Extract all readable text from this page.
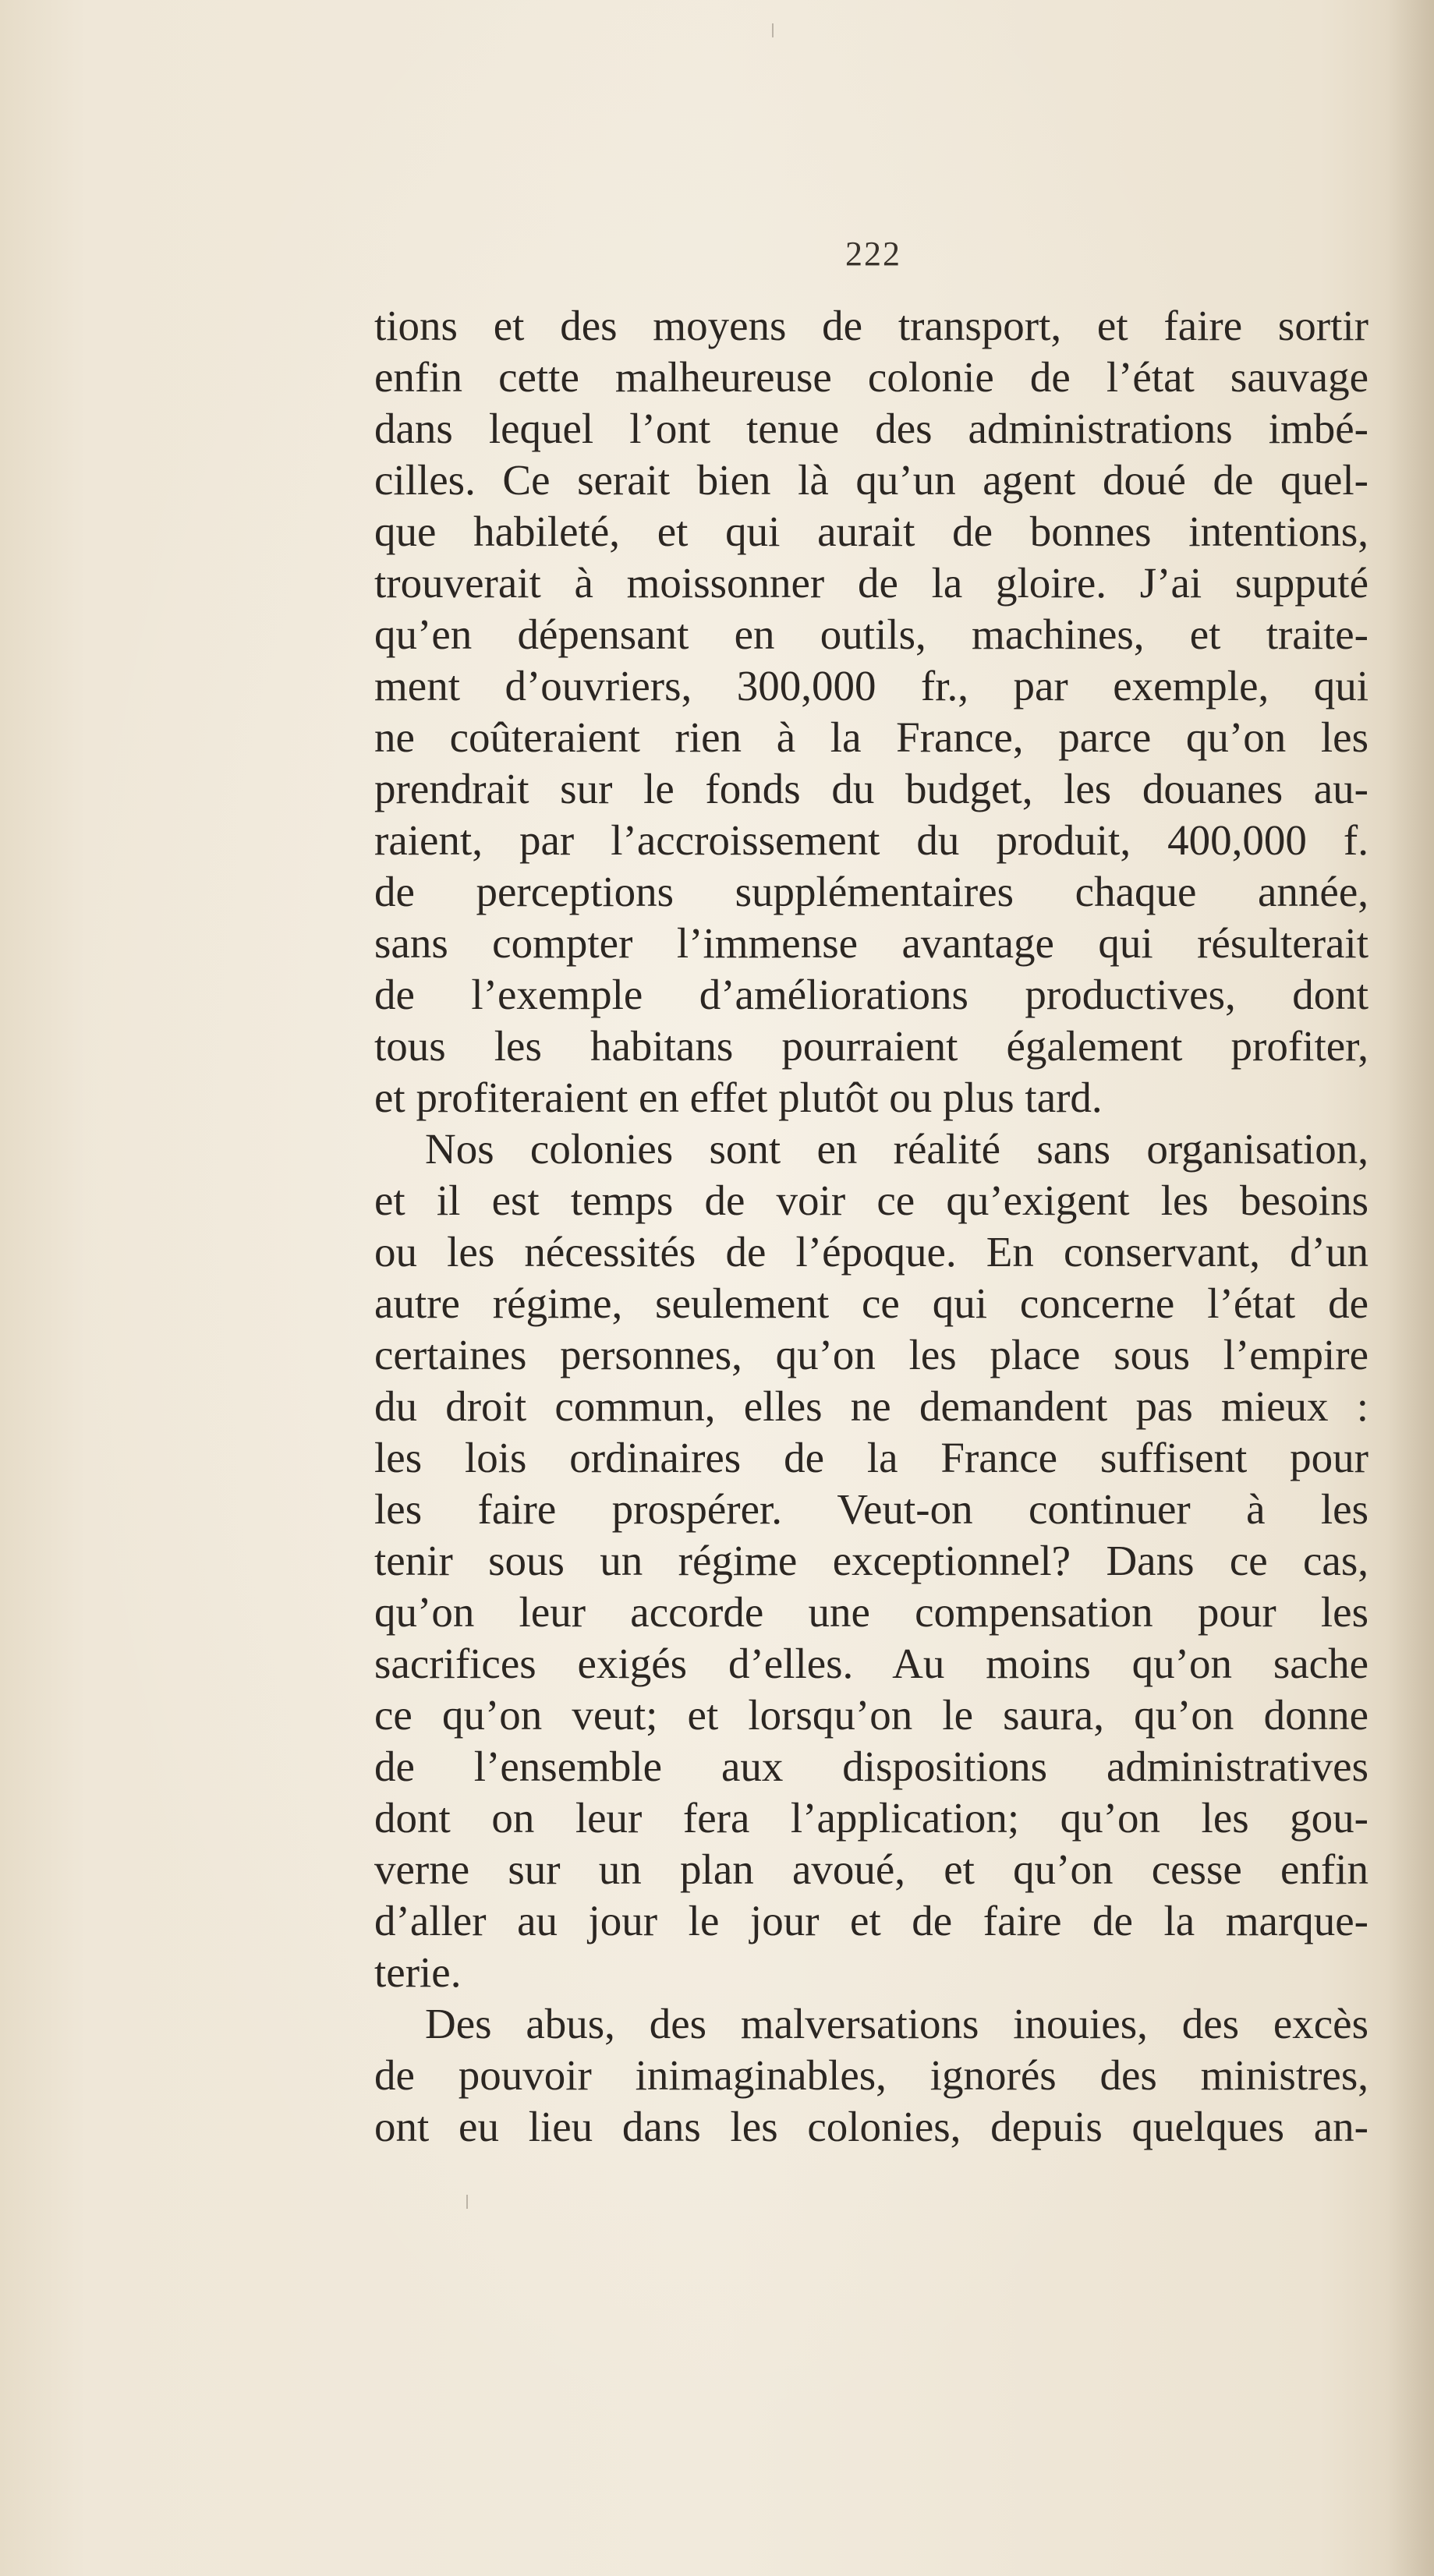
222
tions et des moyens de transport, et faire sortir
enfin cette malheureuse colonie de l’état sauvage
dans lequel l’ont tenue des administrations imbé-
cilles. Ce serait bien là qu’un agent doué de quel-
que habileté, et qui aurait de bonnes intentions,
trouverait à moissonner de la gloire. J’ai supputé
qu’en dépensant en outils, machines, et traite-
ment d’ouvriers, 300,000 fr., par exemple, qui
ne coûteraient rien à la France, parce qu’on les
prendrait sur le fonds du budget, les douanes au-
raient, par l’accroissement du produit, 400,000 f.
de perceptions supplémentaires chaque année,
sans compter l’immense avantage qui résulterait
de l’exemple d’améliorations productives, dont
tous les habitans pourraient également profiter,
et profiteraient en effet plutôt ou plus tard.
Nos colonies sont en réalité sans organisation,
et il est temps de voir ce qu’exigent les besoins
ou les nécessités de l’époque. En conservant, d’un
autre régime, seulement ce qui concerne l’état de
certaines personnes, qu’on les place sous l’empire
du droit commun, elles ne demandent pas mieux :
les lois ordinaires de la France suffisent pour
les faire prospérer. Veut-on continuer à les
tenir sous un régime exceptionnel? Dans ce cas,
qu’on leur accorde une compensation pour les
sacrifices exigés d’elles. Au moins qu’on sache
ce qu’on veut; et lorsqu’on le saura, qu’on donne
de l’ensemble aux dispositions administratives
dont on leur fera l’application; qu’on les gou-
verne sur un plan avoué, et qu’on cesse enfin
d’aller au jour le jour et de faire de la marque-
terie.
Des abus, des malversations inouies, des excès
de pouvoir inimaginables, ignorés des ministres,
ont eu lieu dans les colonies, depuis quelques an-
